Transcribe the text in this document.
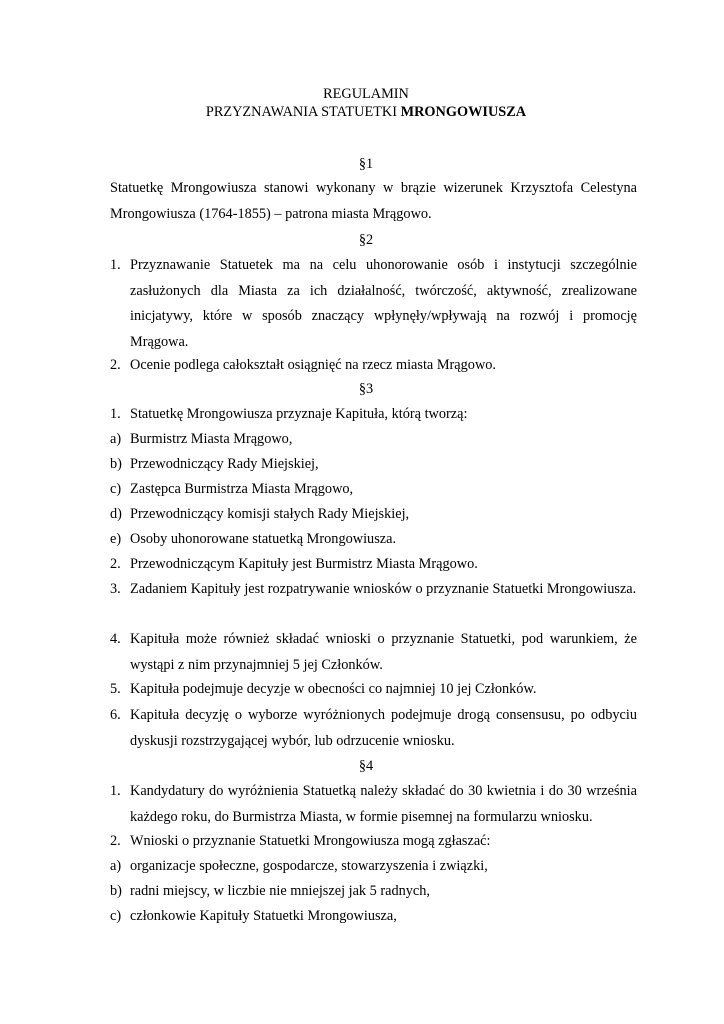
REGULAMIN
PRZYZNAWANIA STATUETKI MRONGOWIUSZA
§1
Statuetkę Mrongowiusza stanowi wykonany w brązie wizerunek Krzysztofa Celestyna
Mrongowiusza (1764-1855) – patrona miasta Mrągowo.
§2
1. Przyznawanie Statuetek ma na celu uhonorowanie osób i instytucji szczególnie zasłużonych dla Miasta za ich działalność, twórczość, aktywność, zrealizowane inicjatywy, które w sposób znaczący wpłynęły/wpływają na rozwój i promocję Mrągowa.
2. Ocenie podlega całokształt osiągnięć na rzecz miasta Mrągowo.
§3
1. Statuetkę Mrongowiusza przyznaje Kapituła, którą tworzą:
a) Burmistrz Miasta Mrągowo,
b) Przewodniczący Rady Miejskiej,
c) Zastępca Burmistrza Miasta Mrągowo,
d) Przewodniczący komisji stałych Rady Miejskiej,
e) Osoby uhonorowane statuetką Mrongowiusza.
2. Przewodniczącym Kapituły jest Burmistrz Miasta Mrągowo.
3. Zadaniem Kapituły jest rozpatrywanie wniosków o przyznanie Statuetki Mrongowiusza.
4. Kapituła może również składać wnioski o przyznanie Statuetki, pod warunkiem, że wystąpi z nim przynajmniej 5 jej Członków.
5. Kapituła podejmuje decyzje w obecności co najmniej 10 jej Członków.
6. Kapituła decyzję o wyborze wyróżnionych podejmuje drogą consensusu, po odbyciu dyskusji rozstrzygającej wybór, lub odrzucenie wniosku.
§4
1. Kandydatury do wyróżnienia Statuetką należy składać do 30 kwietnia i do 30 września każdego roku, do Burmistrza Miasta, w formie pisemnej na formularzu wniosku.
2. Wnioski o przyznanie Statuetki Mrongowiusza mogą zgłaszać:
a) organizacje społeczne, gospodarcze, stowarzyszenia i związki,
b) radni miejscy, w liczbie nie mniejszej jak 5 radnych,
c) członkowie Kapituły Statuetki Mrongowiusza,
